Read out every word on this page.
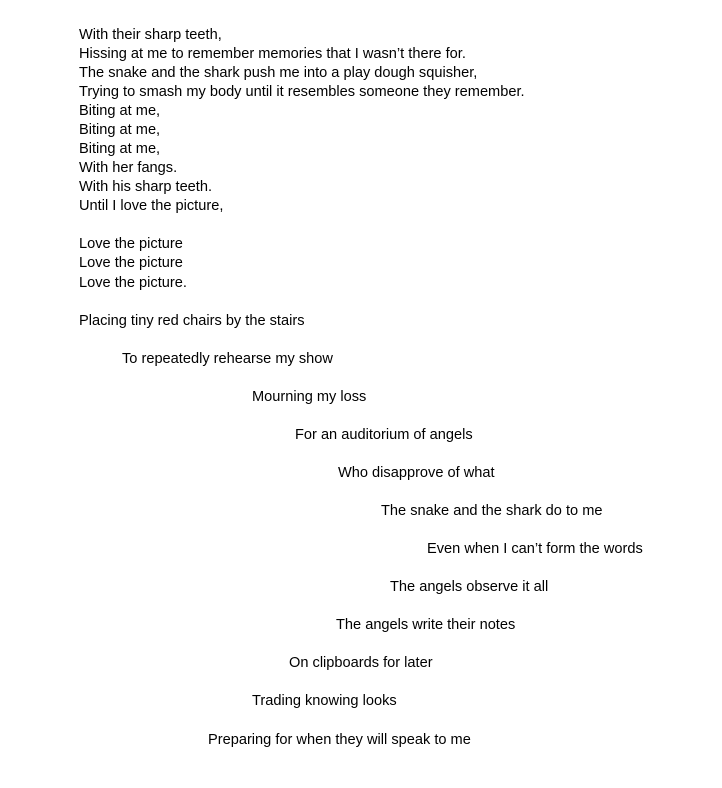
With their sharp teeth,
Hissing at me to remember memories that I wasn’t there for.
The snake and the shark push me into a play dough squisher,
Trying to smash my body until it resembles someone they remember.
Biting at me,
Biting at me,
Biting at me,
With her fangs.
With his sharp teeth.
Until I love the picture,
Love the picture
Love the picture
Love the picture.
Placing tiny red chairs by the stairs
To repeatedly rehearse my show
Mourning my loss
For an auditorium of angels
Who disapprove of what
The snake and the shark do to me
Even when I can’t form the words
The angels observe it all
The angels write their notes
On clipboards for later
Trading knowing looks
Preparing for when they will speak to me
